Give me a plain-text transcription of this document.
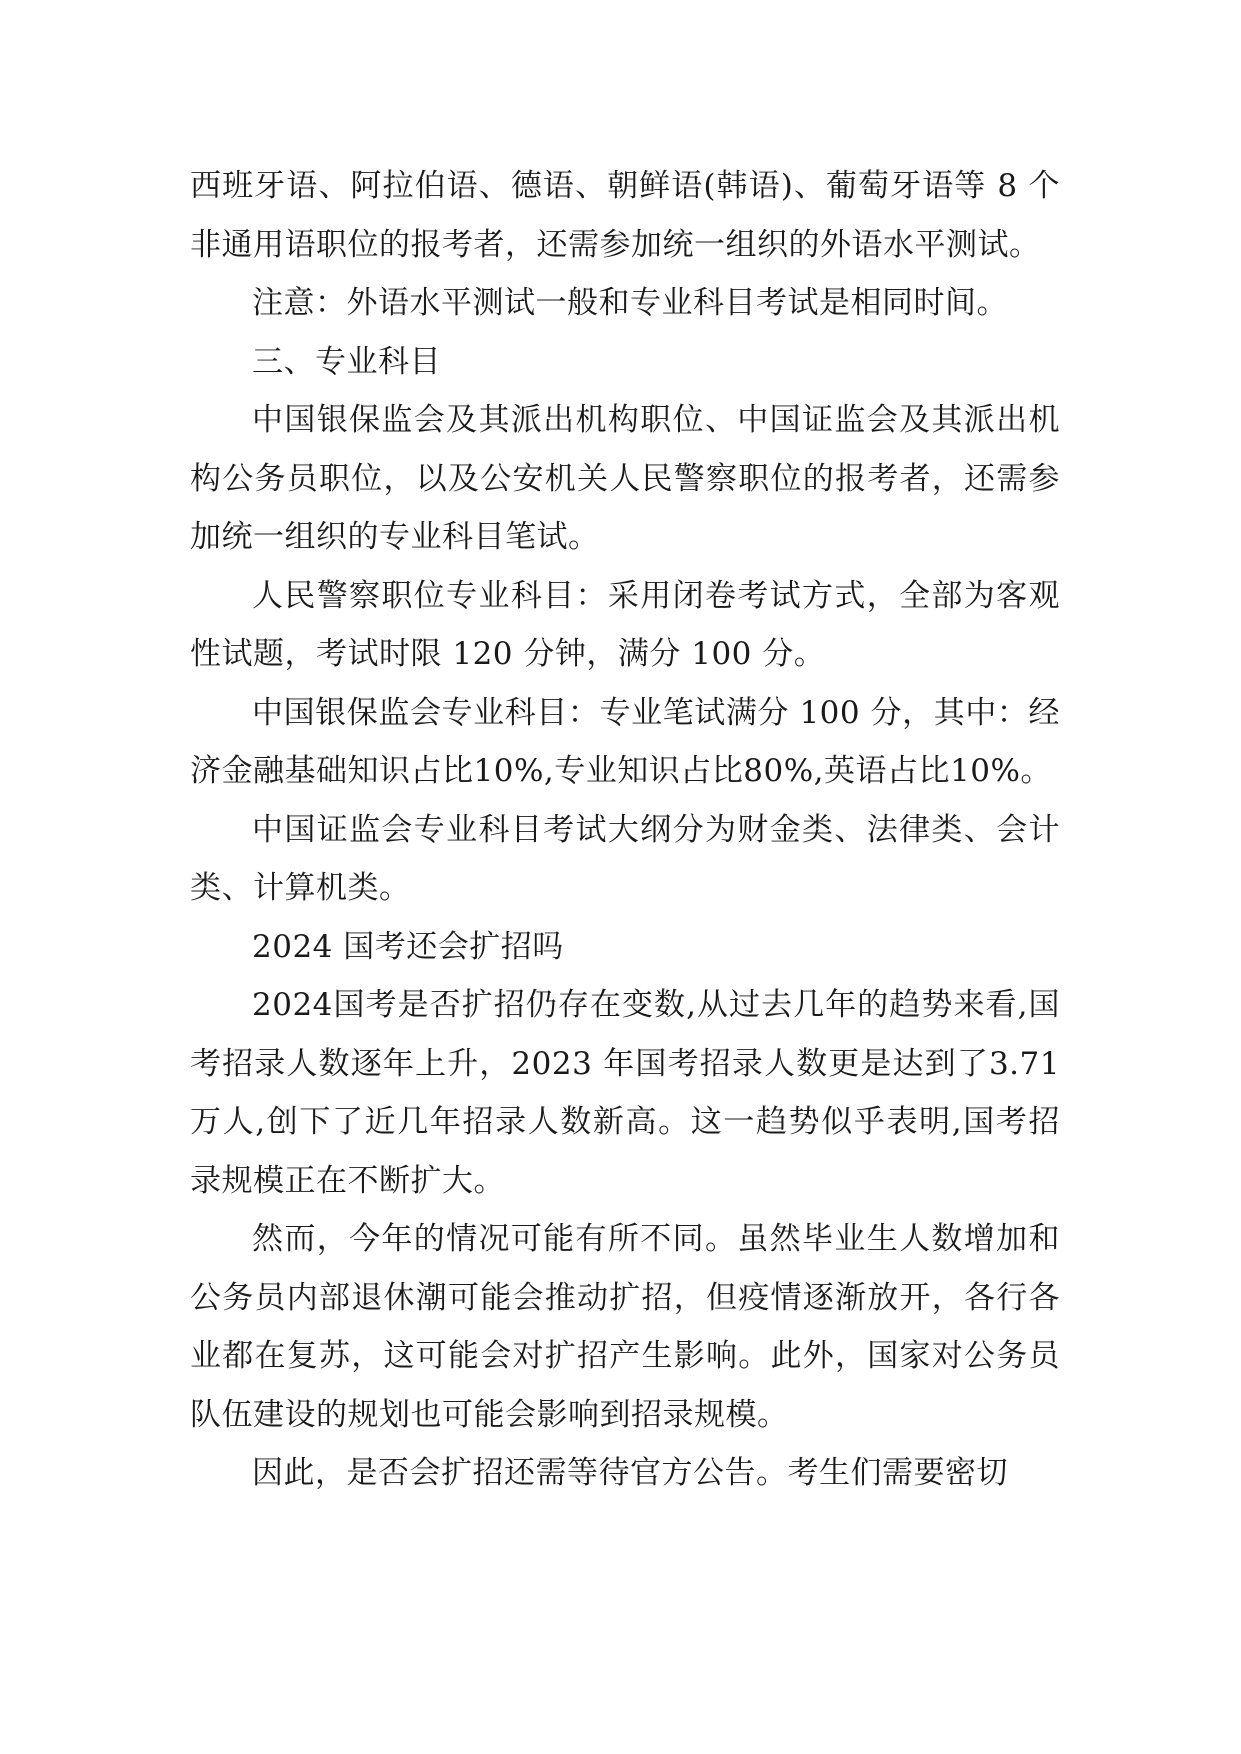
西班牙语、阿拉伯语、德语、朝鲜语(韩语)、葡萄牙语等 8 个非通用语职位的报考者，还需参加统一组织的外语水平测试。

注意：外语水平测试一般和专业科目考试是相同时间。

三、专业科目

中国银保监会及其派出机构职位、中国证监会及其派出机构公务员职位，以及公安机关人民警察职位的报考者，还需参加统一组织的专业科目笔试。

人民警察职位专业科目：采用闭卷考试方式，全部为客观性试题，考试时限 120 分钟，满分 100 分。

中国银保监会专业科目：专业笔试满分 100 分，其中：经济金融基础知识占比10%,专业知识占比80%,英语占比10%。

中国证监会专业科目考试大纲分为财金类、法律类、会计类、计算机类。

2024 国考还会扩招吗

2024国考是否扩招仍存在变数,从过去几年的趋势来看,国考招录人数逐年上升，2023 年国考招录人数更是达到了3.71 万人,创下了近几年招录人数新高。这一趋势似乎表明,国考招录规模正在不断扩大。

然而，今年的情况可能有所不同。虽然毕业生人数增加和公务员内部退休潮可能会推动扩招，但疫情逐渐放开，各行各业都在复苏，这可能会对扩招产生影响。此外，国家对公务员队伍建设的规划也可能会影响到招录规模。

因此，是否会扩招还需等待官方公告。考生们需要密切
